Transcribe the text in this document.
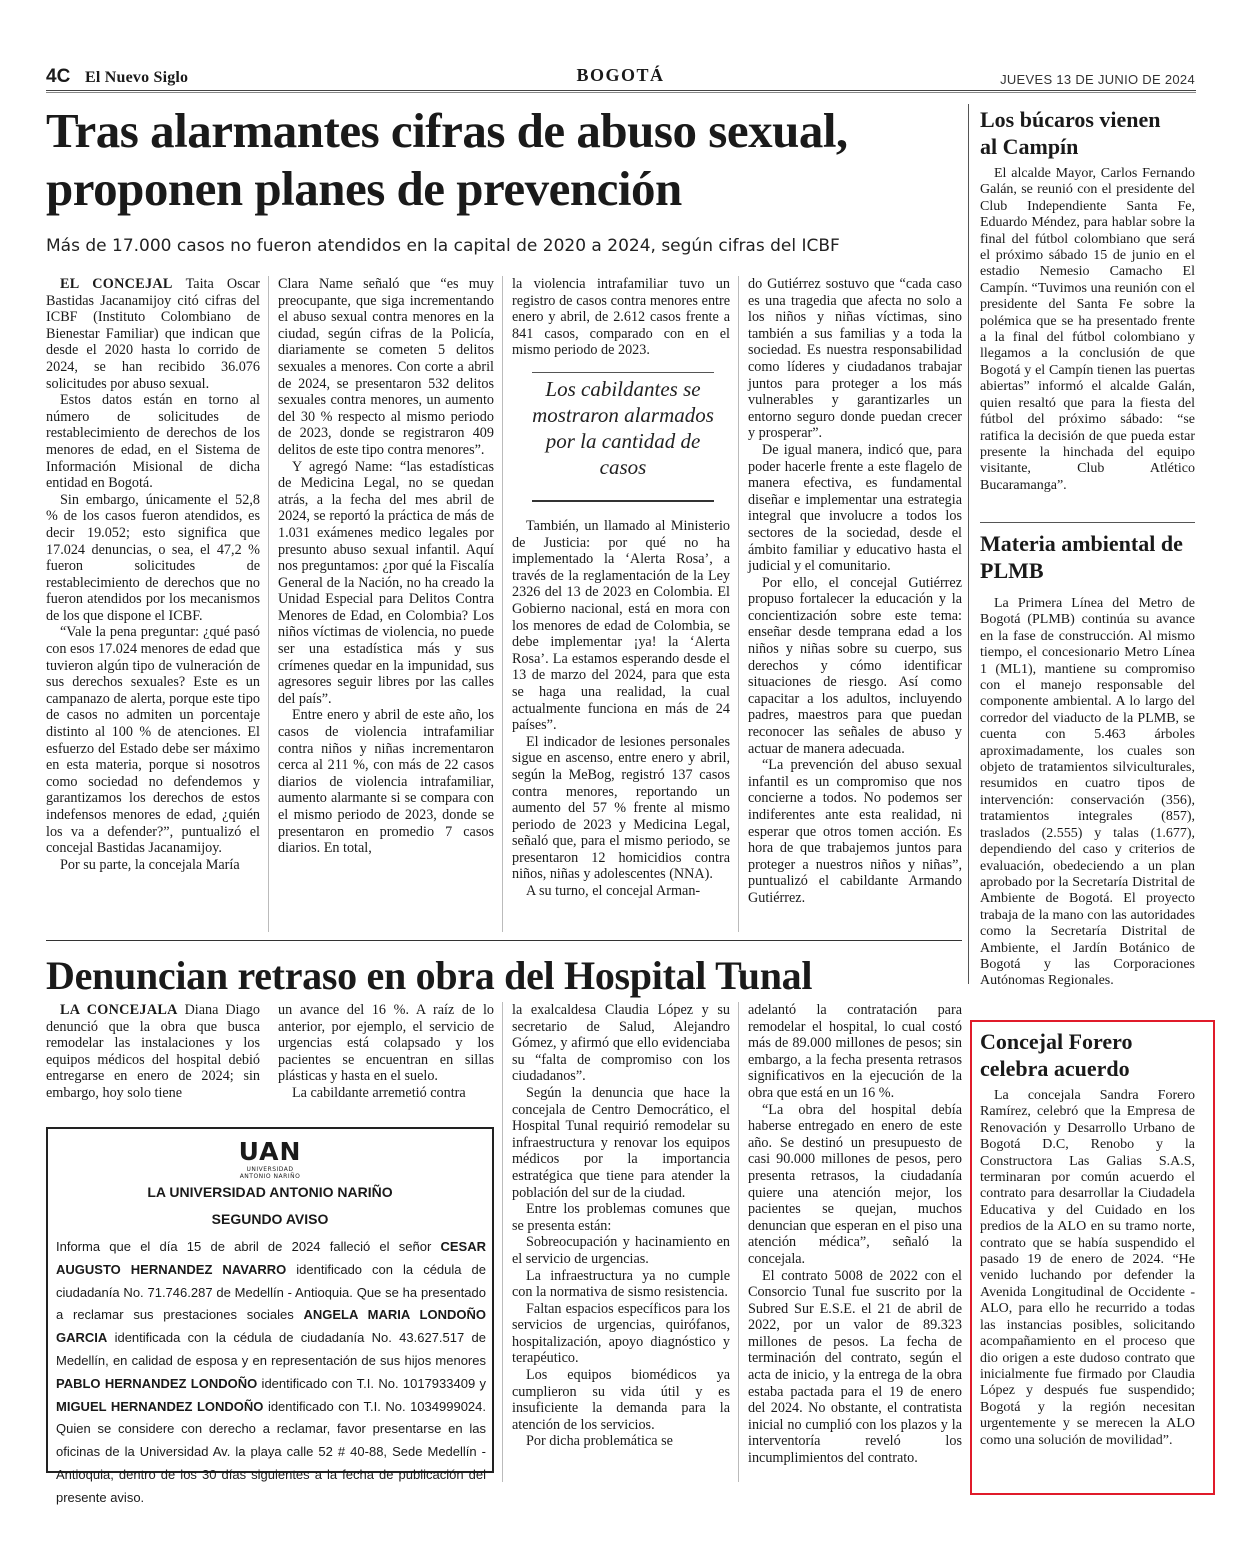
4C El Nuevo Siglo	BOGOTÁ	JUEVES 13 DE JUNIO DE 2024
Tras alarmantes cifras de abuso sexual, proponen planes de prevención
Más de 17.000 casos no fueron atendidos en la capital de 2020 a 2024, según cifras del ICBF

EL CONCEJAL Taita Oscar Bastidas Jacanamijoy citó cifras del ICBF (Instituto Colombiano de Bienestar Familiar) que indican que desde el 2020 hasta lo corrido de 2024, se han recibido 36.076 solicitudes por abuso sexual.

Estos datos están en torno al número de solicitudes de restablecimiento de derechos de los menores de edad, en el Sistema de Información Misional de dicha entidad en Bogotá.

Sin embargo, únicamente el 52,8 % de los casos fueron atendidos, es decir 19.052; esto significa que 17.024 denuncias, o sea, el 47,2 % fueron solicitudes de restablecimiento de derechos que no fueron atendidos por los mecanismos de los que dispone el ICBF.

“Vale la pena preguntar: ¿qué pasó con esos 17.024 menores de edad que tuvieron algún tipo de vulneración de sus derechos sexuales? Este es un campanazo de alerta, porque este tipo de casos no admiten un porcentaje distinto al 100 % de atenciones. El esfuerzo del Estado debe ser máximo en esta materia, porque si nosotros como sociedad no defendemos y garantizamos los derechos de estos indefensos menores de edad, ¿quién los va a defender?”, puntualizó el concejal Bastidas Jacanamijoy.

Por su parte, la concejala María

Clara Name señaló que “es muy preocupante, que siga incrementando el abuso sexual contra menores en la ciudad, según cifras de la Policía, diariamente se cometen 5 delitos sexuales a menores. Con corte a abril de 2024, se presentaron 532 delitos sexuales contra menores, un aumento del 30 % respecto al mismo periodo de 2023, donde se registraron 409 delitos de este tipo contra menores”.

Y agregó Name: “las estadísticas de Medicina Legal, no se quedan atrás, a la fecha del mes abril de 2024, se reportó la práctica de más de 1.031 exámenes medico legales por presunto abuso sexual infantil. Aquí nos preguntamos: ¿por qué la Fiscalía General de la Nación, no ha creado la Unidad Especial para Delitos Contra Menores de Edad, en Colombia? Los niños víctimas de violencia, no puede ser una estadística más y sus crímenes quedar en la impunidad, sus agresores seguir libres por las calles del país”.

Entre enero y abril de este año, los casos de violencia intrafamiliar contra niños y niñas incrementaron cerca al 211 %, con más de 22 casos diarios de violencia intrafamiliar, aumento alarmante si se compara con el mismo periodo de 2023, donde se presentaron en promedio 7 casos diarios. En total,

la violencia intrafamiliar tuvo un registro de casos contra menores entre enero y abril, de 2.612 casos frente a 841 casos, comparado con en el mismo periodo de 2023.

Los cabildantes se mostraron alarmados por la cantidad de casos

También, un llamado al Ministerio de Justicia: por qué no ha implementado la ‘Alerta Rosa’, a través de la reglamentación de la Ley 2326 del 13 de 2023 en Colombia. El Gobierno nacional, está en mora con los menores de edad de Colombia, se debe implementar ¡ya! la ‘Alerta Rosa’. La estamos esperando desde el 13 de marzo del 2024, para que esta se haga una realidad, la cual actualmente funciona en más de 24 países”.

El indicador de lesiones personales sigue en ascenso, entre enero y abril, según la MeBog, registró 137 casos contra menores, reportando un aumento del 57 % frente al mismo periodo de 2023 y Medicina Legal, señaló que, para el mismo periodo, se presentaron 12 homicidios contra niños, niñas y adolescentes (NNA).

A su turno, el concejal Arman-

do Gutiérrez sostuvo que “cada caso es una tragedia que afecta no solo a los niños y niñas víctimas, sino también a sus familias y a toda la sociedad. Es nuestra responsabilidad como líderes y ciudadanos trabajar juntos para proteger a los más vulnerables y garantizarles un entorno seguro donde puedan crecer y prosperar”.

De igual manera, indicó que, para poder hacerle frente a este flagelo de manera efectiva, es fundamental diseñar e implementar una estrategia integral que involucre a todos los sectores de la sociedad, desde el ámbito familiar y educativo hasta el judicial y el comunitario.

Por ello, el concejal Gutiérrez propuso fortalecer la educación y la concientización sobre este tema: enseñar desde temprana edad a los niños y niñas sobre su cuerpo, sus derechos y cómo identificar situaciones de riesgo. Así como capacitar a los adultos, incluyendo padres, maestros para que puedan reconocer las señales de abuso y actuar de manera adecuada.

“La prevención del abuso sexual infantil es un compromiso que nos concierne a todos. No podemos ser indiferentes ante esta realidad, ni esperar que otros tomen acción. Es hora de que trabajemos juntos para proteger a nuestros niños y niñas”, puntualizó el cabildante Armando Gutiérrez.

Denuncian retraso en obra del Hospital Tunal

LA CONCEJALA Diana Diago denunció que la obra que busca remodelar las instalaciones y los equipos médicos del hospital debió entregarse en enero de 2024; sin embargo, hoy solo tiene

un avance del 16 %. A raíz de lo anterior, por ejemplo, el servicio de urgencias está colapsado y los pacientes se encuentran en sillas plásticas y hasta en el suelo.

La cabildante arremetió contra

UAN
UNIVERSIDAD
ANTONIO NARIÑO
LA UNIVERSIDAD ANTONIO NARIÑO
SEGUNDO AVISO
Informa que el día 15 de abril de 2024 falleció el señor CESAR AUGUSTO HERNANDEZ NAVARRO identificado con la cédula de ciudadanía No. 71.746.287 de Medellín - Antioquia. Que se ha presentado a reclamar sus prestaciones sociales ANGELA MARIA LONDOÑO GARCIA identificada con la cédula de ciudadanía No. 43.627.517 de Medellín, en calidad de esposa y en representación de sus hijos menores PABLO HERNANDEZ LONDOÑO identificado con T.I. No. 1017933409 y MIGUEL HERNANDEZ LONDOÑO identificado con T.I. No. 1034999024. Quien se considere con derecho a reclamar, favor presentarse en las oficinas de la Universidad Av. la playa calle 52 # 40-88, Sede Medellín -Antioquia, dentro de los 30 días siguientes a la fecha de publicación del presente aviso.

la exalcaldesa Claudia López y su secretario de Salud, Alejandro Gómez, y afirmó que ello evidenciaba su “falta de compromiso con los ciudadanos”.

Según la denuncia que hace la concejala de Centro Democrático, el Hospital Tunal requirió remodelar su infraestructura y renovar los equipos médicos por la importancia estratégica que tiene para atender la población del sur de la ciudad.

Entre los problemas comunes que se presenta están:

Sobreocupación y hacinamiento en el servicio de urgencias.

La infraestructura ya no cumple con la normativa de sismo resistencia.

Faltan espacios específicos para los servicios de urgencias, quirófanos, hospitalización, apoyo diagnóstico y terapéutico.

Los equipos biomédicos ya cumplieron su vida útil y es insuficiente la demanda para la atención de los servicios.

Por dicha problemática se

adelantó la contratación para remodelar el hospital, lo cual costó más de 89.000 millones de pesos; sin embargo, a la fecha presenta retrasos significativos en la ejecución de la obra que está en un 16 %.

“La obra del hospital debía haberse entregado en enero de este año. Se destinó un presupuesto de casi 90.000 millones de pesos, pero presenta retrasos, la ciudadanía quiere una atención mejor, los pacientes se quejan, muchos denuncian que esperan en el piso una atención médica”, señaló la concejala.

El contrato 5008 de 2022 con el Consorcio Tunal fue suscrito por la Subred Sur E.S.E. el 21 de abril de 2022, por un valor de 89.323 millones de pesos. La fecha de terminación del contrato, según el acta de inicio, y la entrega de la obra estaba pactada para el 19 de enero del 2024. No obstante, el contratista inicial no cumplió con los plazos y la interventoría reveló los incumplimientos del contrato.

Los búcaros vienen al Campín

El alcalde Mayor, Carlos Fernando Galán, se reunió con el presidente del Club Independiente Santa Fe, Eduardo Méndez, para hablar sobre la final del fútbol colombiano que será el próximo sábado 15 de junio en el estadio Nemesio Camacho El Campín. “Tuvimos una reunión con el presidente del Santa Fe sobre la polémica que se ha presentado frente a la final del fútbol colombiano y llegamos a la conclusión de que Bogotá y el Campín tienen las puertas abiertas” informó el alcalde Galán, quien resaltó que para la fiesta del fútbol del próximo sábado: “se ratifica la decisión de que pueda estar presente la hinchada del equipo visitante, Club Atlético Bucaramanga”.

Materia ambiental de PLMB

La Primera Línea del Metro de Bogotá (PLMB) continúa su avance en la fase de construcción. Al mismo tiempo, el concesionario Metro Línea 1 (ML1), mantiene su compromiso con el manejo responsable del componente ambiental. A lo largo del corredor del viaducto de la PLMB, se cuenta con 5.463 árboles aproximadamente, los cuales son objeto de tratamientos silviculturales, resumidos en cuatro tipos de intervención: conservación (356), tratamientos integrales (857), traslados (2.555) y talas (1.677), dependiendo del caso y criterios de evaluación, obedeciendo a un plan aprobado por la Secretaría Distrital de Ambiente de Bogotá. El proyecto trabaja de la mano con las autoridades como la Secretaría Distrital de Ambiente, el Jardín Botánico de Bogotá y las Corporaciones Autónomas Regionales.

Concejal Forero celebra acuerdo

La concejala Sandra Forero Ramírez, celebró que la Empresa de Renovación y Desarrollo Urbano de Bogotá D.C, Renobo y la Constructora Las Galias S.A.S, terminaran por común acuerdo el contrato para desarrollar la Ciudadela Educativa y del Cuidado en los predios de la ALO en su tramo norte, contrato que se había suspendido el pasado 19 de enero de 2024. “He venido luchando por defender la Avenida Longitudinal de Occidente - ALO, para ello he recurrido a todas las instancias posibles, solicitando acompañamiento en el proceso que dio origen a este dudoso contrato que inicialmente fue firmado por Claudia López y después fue suspendido; Bogotá y la región necesitan urgentemente y se merecen la ALO como una solución de movilidad”.
